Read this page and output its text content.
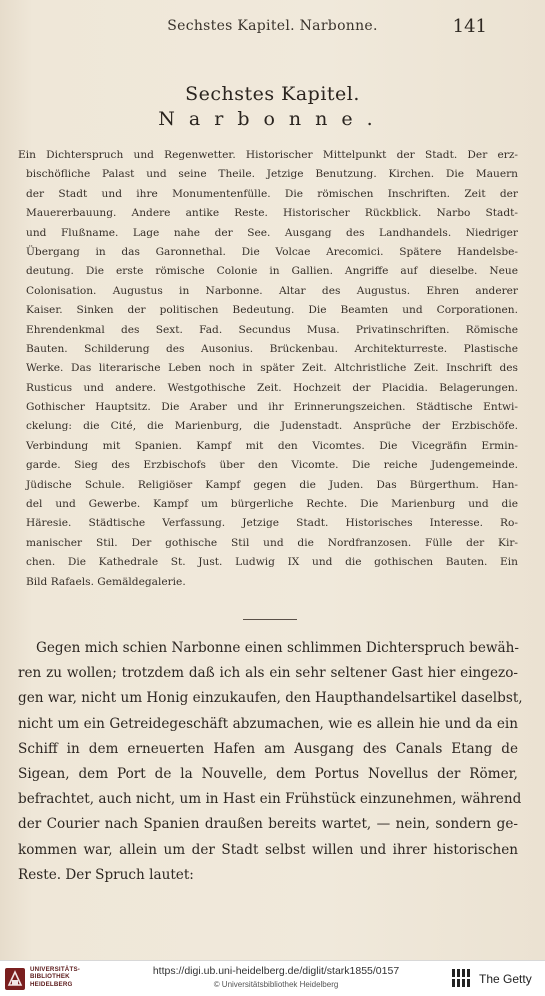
Sechstes Kapitel. Narbonne.	141
Sechstes Kapitel.
Narbonne.
Ein Dichterspruch und Regenwetter. Historischer Mittelpunkt der Stadt. Der erz-
bischöfliche Palast und seine Theile. Jetzige Benutzung. Kirchen. Die Mauern
der Stadt und ihre Monumentenfülle. Die römischen Inschriften. Zeit der
Mauererbauung. Andere antike Reste. Historischer Rückblick. Narbo Stadt-
und Flußname. Lage nahe der See. Ausgang des Landhandels. Niedriger
Übergang in das Garonnethal. Die Volcae Arecomici. Spätere Handelsbe-
deutung. Die erste römische Colonie in Gallien. Angriffe auf dieselbe. Neue
Colonisation. Augustus in Narbonne. Altar des Augustus. Ehren anderer
Kaiser. Sinken der politischen Bedeutung. Die Beamten und Corporationen.
Ehrendenkmal des Sext. Fad. Secundus Musa. Privatinschriften. Römische
Bauten. Schilderung des Ausonius. Brückenbau. Architekturreste. Plastische
Werke. Das literarische Leben noch in später Zeit. Altchristliche Zeit. Inschrift des
Rusticus und andere. Westgothische Zeit. Hochzeit der Placidia. Belagerungen.
Gothischer Hauptsitz. Die Araber und ihr Erinnerungszeichen. Städtische Entwi-
ckelung: die Cité, die Marienburg, die Judenstadt. Ansprüche der Erzbischöfe.
Verbindung mit Spanien. Kampf mit den Vicomtes. Die Vicegräfin Ermin-
garde. Sieg des Erzbischofs über den Vicomte. Die reiche Judengemeinde.
Jüdische Schule. Religiöser Kampf gegen die Juden. Das Bürgerthum. Han-
del und Gewerbe. Kampf um bürgerliche Rechte. Die Marienburg und die
Häresie. Städtische Verfassung. Jetzige Stadt. Historisches Interesse. Ro-
manischer Stil. Der gothische Stil und die Nordfranzosen. Fülle der Kir-
chen. Die Kathedrale St. Just. Ludwig IX und die gothischen Bauten. Ein
Bild Rafaels. Gemäldegalerie.
Gegen mich schien Narbonne einen schlimmen Dichterspruch bewäh-
ren zu wollen; trotzdem daß ich als ein sehr seltener Gast hier eingezo-
gen war, nicht um Honig einzukaufen, den Haupthandelsartikel daselbst,
nicht um ein Getreidegeschäft abzumachen, wie es allein hie und da ein
Schiff in dem erneuerten Hafen am Ausgang des Canals Etang de
Sigean, dem Port de la Nouvelle, dem Portus Novellus der Römer,
befrachtet, auch nicht, um in Hast ein Frühstück einzunehmen, während
der Courier nach Spanien draußen bereits wartet, — nein, sondern ge-
kommen war, allein um der Stadt selbst willen und ihrer historischen
Reste. Der Spruch lautet:
UNIVERSITÄTS-
BIBLIOTHEK
HEIDELBERG
https://digi.ub.uni-heidelberg.de/diglit/stark1855/0157
© Universitätsbibliothek Heidelberg	The Getty
